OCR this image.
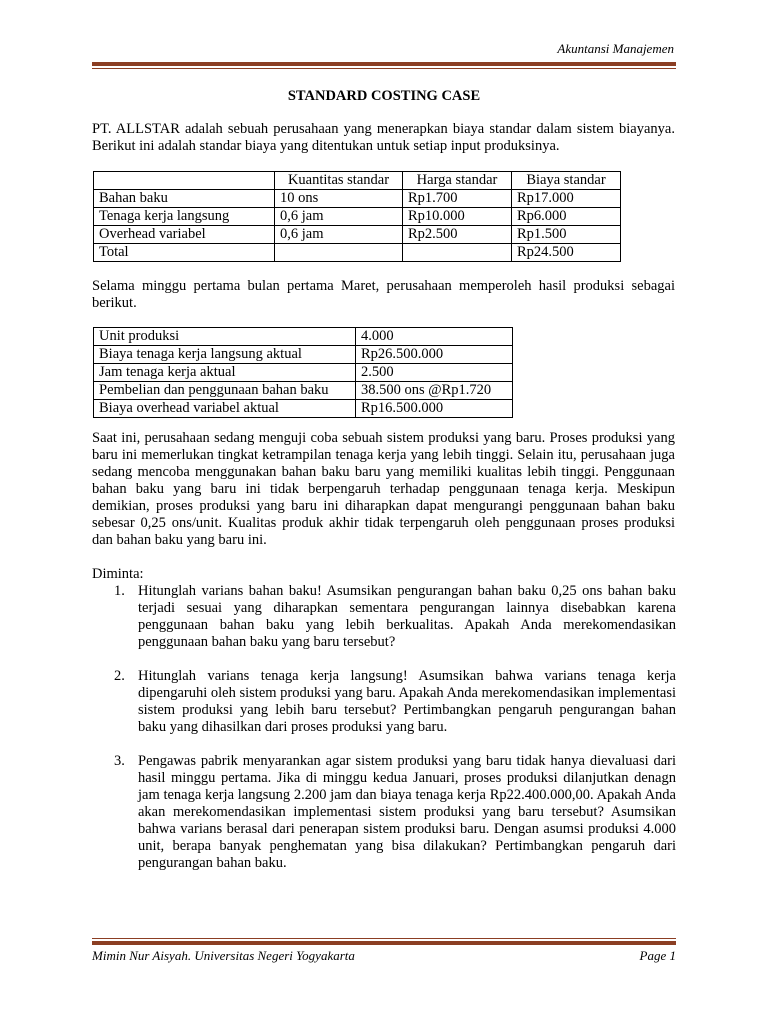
Akuntansi Manajemen
STANDARD COSTING CASE
PT. ALLSTAR adalah sebuah perusahaan yang menerapkan biaya standar dalam sistem biayanya. Berikut ini adalah standar biaya yang ditentukan untuk setiap input produksinya.
	Kuantitas standar	Harga standar	Biaya standar
Bahan baku	10 ons	Rp1.700	Rp17.000
Tenaga kerja langsung	0,6 jam	Rp10.000	Rp6.000
Overhead variabel	0,6 jam	Rp2.500	Rp1.500
Total			Rp24.500
Selama minggu pertama bulan pertama Maret, perusahaan memperoleh hasil produksi sebagai berikut.
Unit produksi	4.000
Biaya tenaga kerja langsung aktual	Rp26.500.000
Jam tenaga kerja aktual	2.500
Pembelian dan penggunaan bahan baku	38.500 ons @Rp1.720
Biaya overhead variabel aktual	Rp16.500.000
Saat ini, perusahaan sedang menguji coba sebuah sistem produksi yang baru. Proses produksi yang baru ini memerlukan tingkat ketrampilan tenaga kerja yang lebih tinggi. Selain itu, perusahaan juga sedang mencoba menggunakan bahan baku baru yang memiliki kualitas lebih tinggi. Penggunaan bahan baku yang baru ini tidak berpengaruh terhadap penggunaan tenaga kerja. Meskipun demikian, proses produksi yang baru ini diharapkan dapat mengurangi penggunaan bahan baku sebesar 0,25 ons/unit. Kualitas produk akhir tidak terpengaruh oleh penggunaan proses produksi dan bahan baku yang baru ini.
Diminta:
1. Hitunglah varians bahan baku! Asumsikan pengurangan bahan baku 0,25 ons bahan baku terjadi sesuai yang diharapkan sementara pengurangan lainnya disebabkan karena penggunaan bahan baku yang lebih berkualitas. Apakah Anda merekomendasikan penggunaan bahan baku yang baru tersebut?
2. Hitunglah varians tenaga kerja langsung! Asumsikan bahwa varians tenaga kerja dipengaruhi oleh sistem produksi yang baru. Apakah Anda merekomendasikan implementasi sistem produksi yang lebih baru tersebut? Pertimbangkan pengaruh pengurangan bahan baku yang dihasilkan dari proses produksi yang baru.
3. Pengawas pabrik menyarankan agar sistem produksi yang baru tidak hanya dievaluasi dari hasil minggu pertama. Jika di minggu kedua Januari, proses produksi dilanjutkan denagn jam tenaga kerja langsung 2.200 jam dan biaya tenaga kerja Rp22.400.000,00. Apakah Anda akan merekomendasikan implementasi sistem produksi yang baru tersebut? Asumsikan bahwa varians berasal dari penerapan sistem produksi baru. Dengan asumsi produksi 4.000 unit, berapa banyak penghematan yang bisa dilakukan? Pertimbangkan pengaruh dari pengurangan bahan baku.
Mimin Nur Aisyah. Universitas Negeri Yogyakarta	Page 1
